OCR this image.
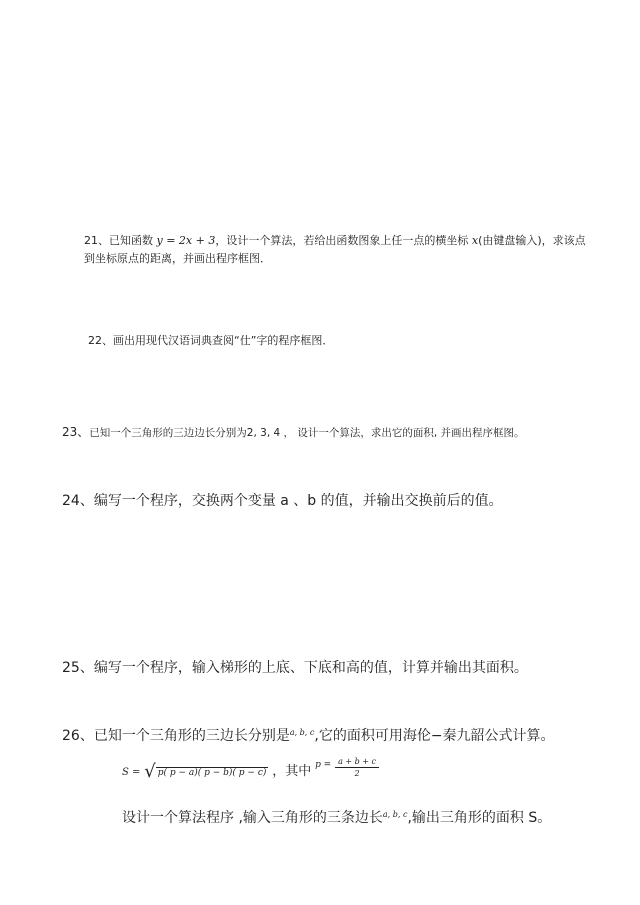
21、已知函数 y = 2x + 3，设计一个算法，若给出函数图象上任一点的横坐标 x(由键盘输入)，求该点
到坐标原点的距离，并画出程序框图．
22、画出用现代汉语词典查阅“仕”字的程序框图．
23、已知一个三角形的三边边长分别为2, 3, 4 ， 设计一个算法，求出它的面积, 并画出程序框图。
24、编写一个程序，交换两个变量 a 、b 的值，并输出交换前后的值。
25、编写一个程序，输入梯形的上底、下底和高的值，计算并输出其面积。
26、已知一个三角形的三边长分别是$^{a, b, c}$,它的面积可用海伦−秦九韶公式计算。
S = √ p( p − a)( p − b)( p − c) ，其中 $^{p =} \frac{a + b + c}{2}$
设计一个算法程序 ,输入三角形的三条边长$^{a, b, c}$,输出三角形的面积 S。
